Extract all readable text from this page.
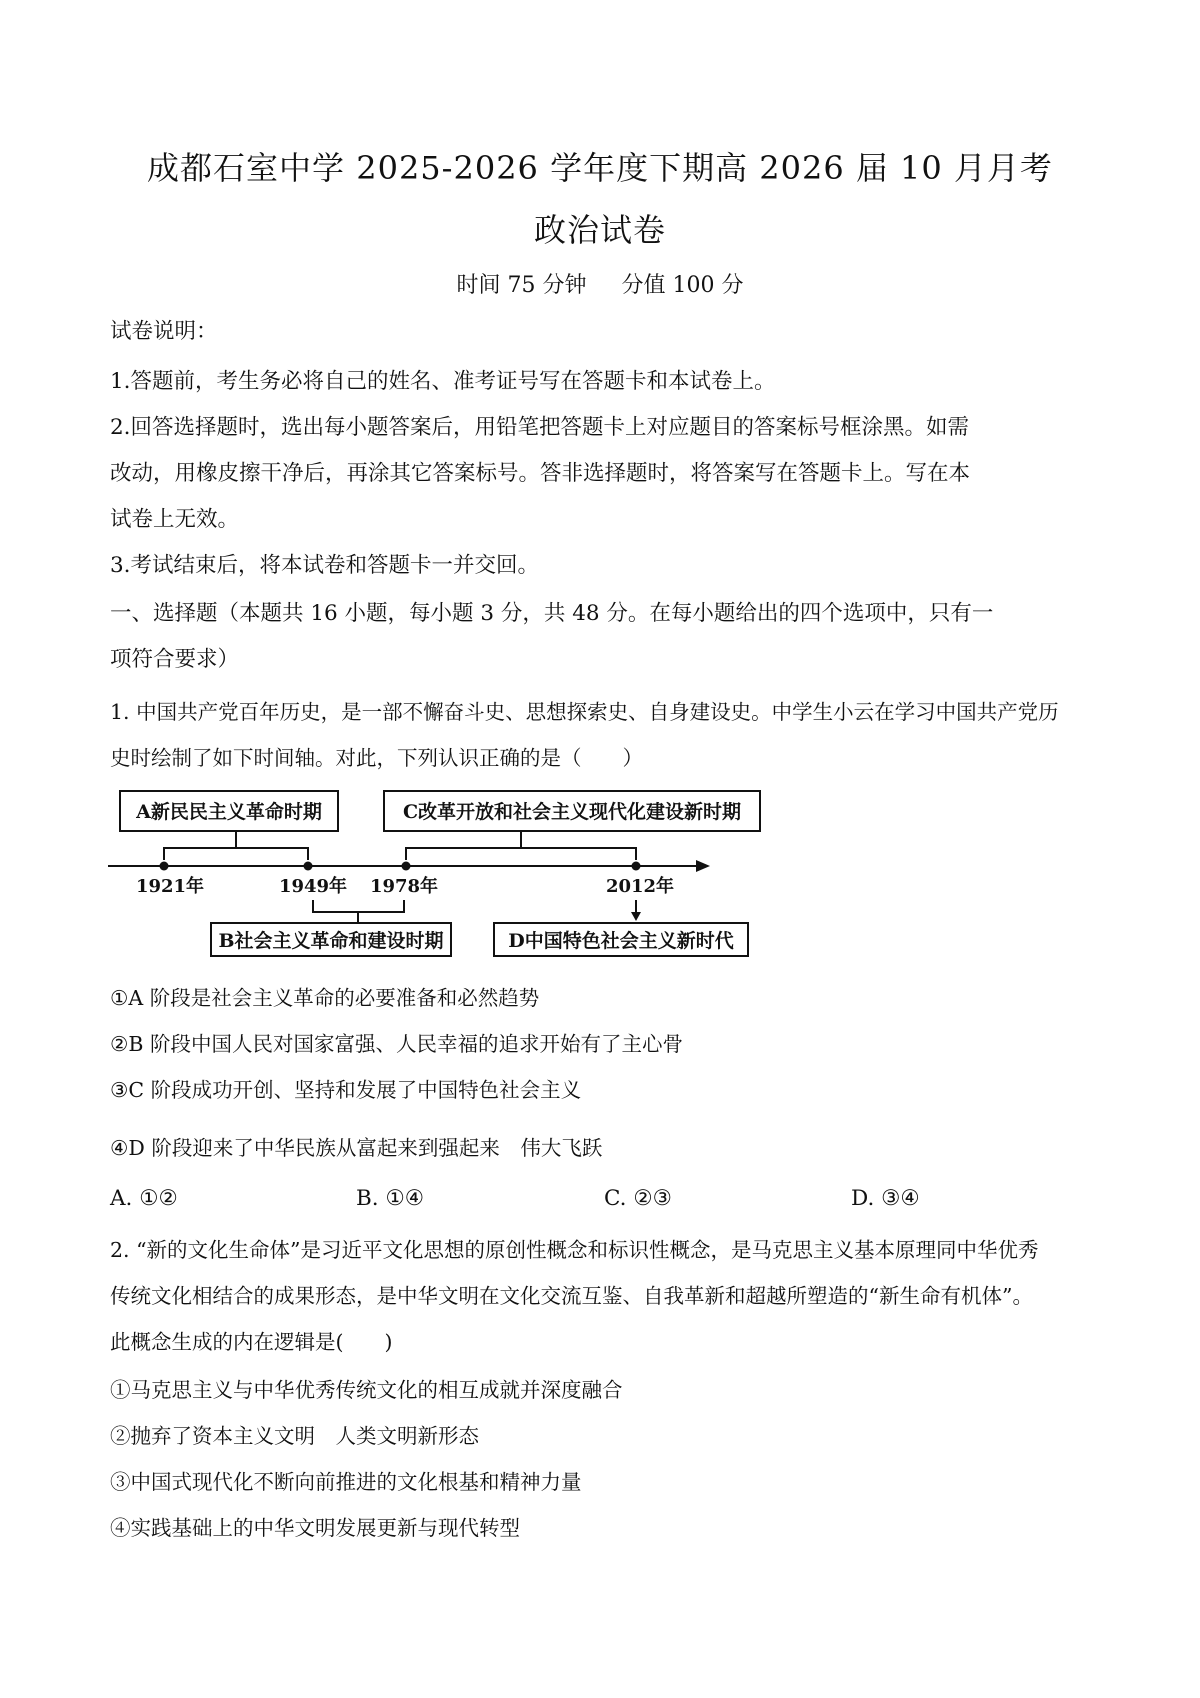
成都石室中学 2025-2026 学年度下期高 2026 届 10 月月考
政治试卷
时间 75 分钟 分值 100 分
试卷说明：
1.答题前，考生务必将自己的姓名、准考证号写在答题卡和本试卷上。
2.回答选择题时，选出每小题答案后，用铅笔把答题卡上对应题目的答案标号框涂黑。如需
改动，用橡皮擦干净后，再涂其它答案标号。答非选择题时，将答案写在答题卡上。写在本
试卷上无效。
3.考试结束后，将本试卷和答题卡一并交回。
一、选择题（本题共 16 小题，每小题 3 分，共 48 分。在每小题给出的四个选项中，只有一
项符合要求）
1. 中国共产党百年历史，是一部不懈奋斗史、思想探索史、自身建设史。中学生小云在学习中国共产党历
史时绘制了如下时间轴。对此，下列认识正确的是（　　）
A新民民主义革命时期	C改革开放和社会主义现代化建设新时期
1921年	1949年 1978年	2012年
B社会主义革命和建设时期	D中国特色社会主义新时代
①A 阶段是社会主义革命的必要准备和必然趋势
②B 阶段中国人民对国家富强、人民幸福的追求开始有了主心骨
③C 阶段成功开创、坚持和发展了中国特色社会主义
④D 阶段迎来了中华民族从富起来到强起来　伟大飞跃
A. ①②	B. ①④	C. ②③	D. ③④
2. “新的文化生命体”是习近平文化思想的原创性概念和标识性概念，是马克思主义基本原理同中华优秀
传统文化相结合的成果形态，是中华文明在文化交流互鉴、自我革新和超越所塑造的“新生命有机体”。
此概念生成的内在逻辑是(　　)
①马克思主义与中华优秀传统文化的相互成就并深度融合
②抛弃了资本主义文明　人类文明新形态
③中国式现代化不断向前推进的文化根基和精神力量
④实践基础上的中华文明发展更新与现代转型
